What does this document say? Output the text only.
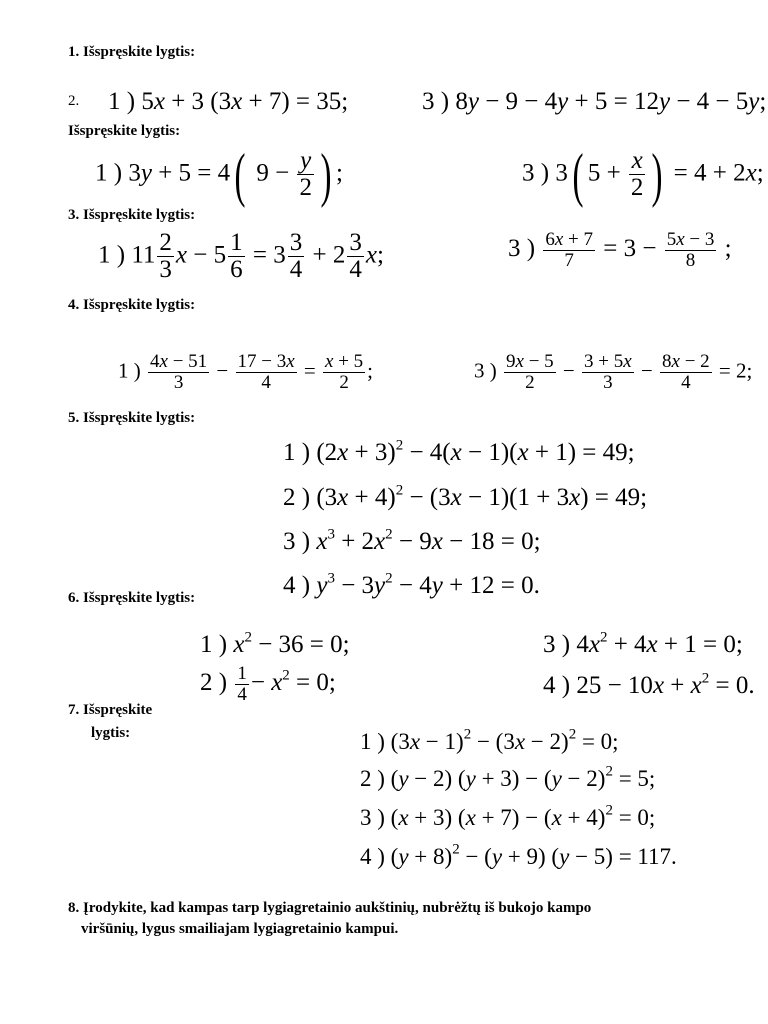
1. Išspręskite lygtis:
2. 1 ) 5x + 3 (3x + 7) = 35;	3 ) 8y − 9 − 4y + 5 = 12y − 4 − 5y;
Išspręskite lygtis:
1 ) 3y + 5 = 4( $9 - \frac{y}{2}$ ) ;	3 ) 3( $5 + \frac{x}{2}$ ) = 4 + 2x;
3. Išspręskite lygtis:
1 ) $11 \frac{2}{3}$ $x - 5 \frac{1}{6} = 3 \frac{3}{4} + 2 \frac{3}{4} x$;	3 ) $\frac{6x + 7}{7} = 3 - \frac{5x - 3}{8}$ ;
4. Išspręskite lygtis:
1 ) $\frac{4x - 51}{3} - \frac{17 - 3x}{4} = \frac{x + 5}{2}$ ;	3 ) $\frac{9x - 5}{2} - \frac{3 + 5x}{3} - \frac{8x - 2}{4} = 2$;
5. Išspręskite lygtis:
1 ) $(2x + 3)^2 - 4(x - 1)(x + 1) = 49$;
2 ) $(3x + 4)^2 - (3x - 1)(1 + 3x) = 49$;
3 ) $x^3 + 2x^2 - 9x - 18 = 0$;
4 ) $y^3 - 3y^2 - 4y + 12 = 0$.
6. Išspręskite lygtis:
1 ) $x^2 - 36 = 0$;
2 ) $\frac{1}{4} - x^2 = 0$;
3 ) $4x^2 + 4x + 1 = 0$;
4 ) $25 - 10x + x^2 = 0$.
7. Išspręskite
lygtis:	1 ) $(3x - 1)^2 - (3x - 2)^2 = 0$;
2 ) (y − 2) $(y + 3) - (y - 2)^2 = 5$;
3 ) (x + 3) $(x + 7) - (x + 4)^2 = 0$;
4 ) $(y + 8)^2 - (y + 9)$ (y − 5) = 117.
8. Įrodykite, kad kampas tarp lygiagretainio aukštinių, nubrėžtų iš bukojo kampo
viršūnių, lygus smailiajam lygiagretainio kampui.
